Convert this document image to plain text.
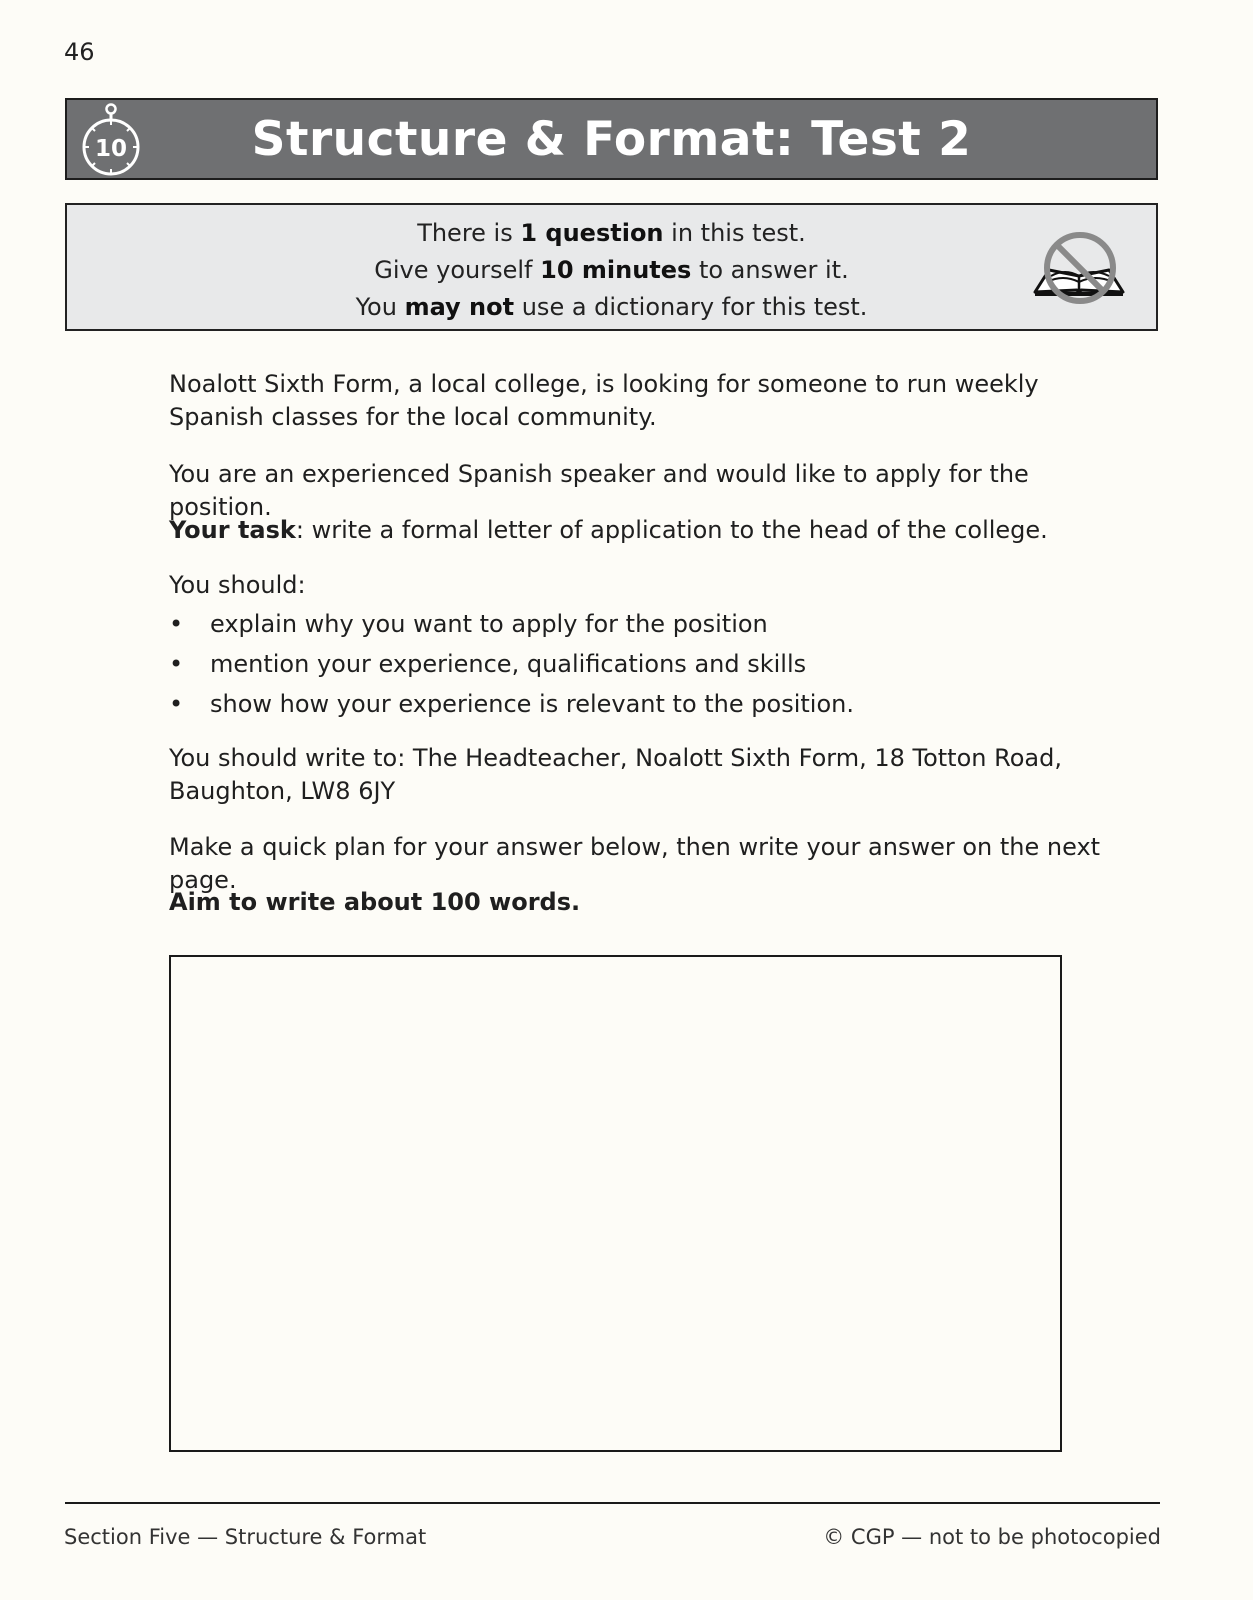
46
10	Structure & Format: Test 2
There is 1 question in this test.
Give yourself 10 minutes to answer it.
You may not use a dictionary for this test.

Noalott Sixth Form, a local college, is looking for someone to run weekly Spanish classes for the local community.

You are an experienced Spanish speaker and would like to apply for the position.

Your task: write a formal letter of application to the head of the college.

You should:

• explain why you want to apply for the position
• mention your experience, qualifications and skills
• show how your experience is relevant to the position.

You should write to: The Headteacher, Noalott Sixth Form, 18 Totton Road, Baughton, LW8 6JY

Make a quick plan for your answer below, then write your answer on the next page.

Aim to write about 100 words.

Section Five — Structure & Format	© CGP — not to be photocopied
